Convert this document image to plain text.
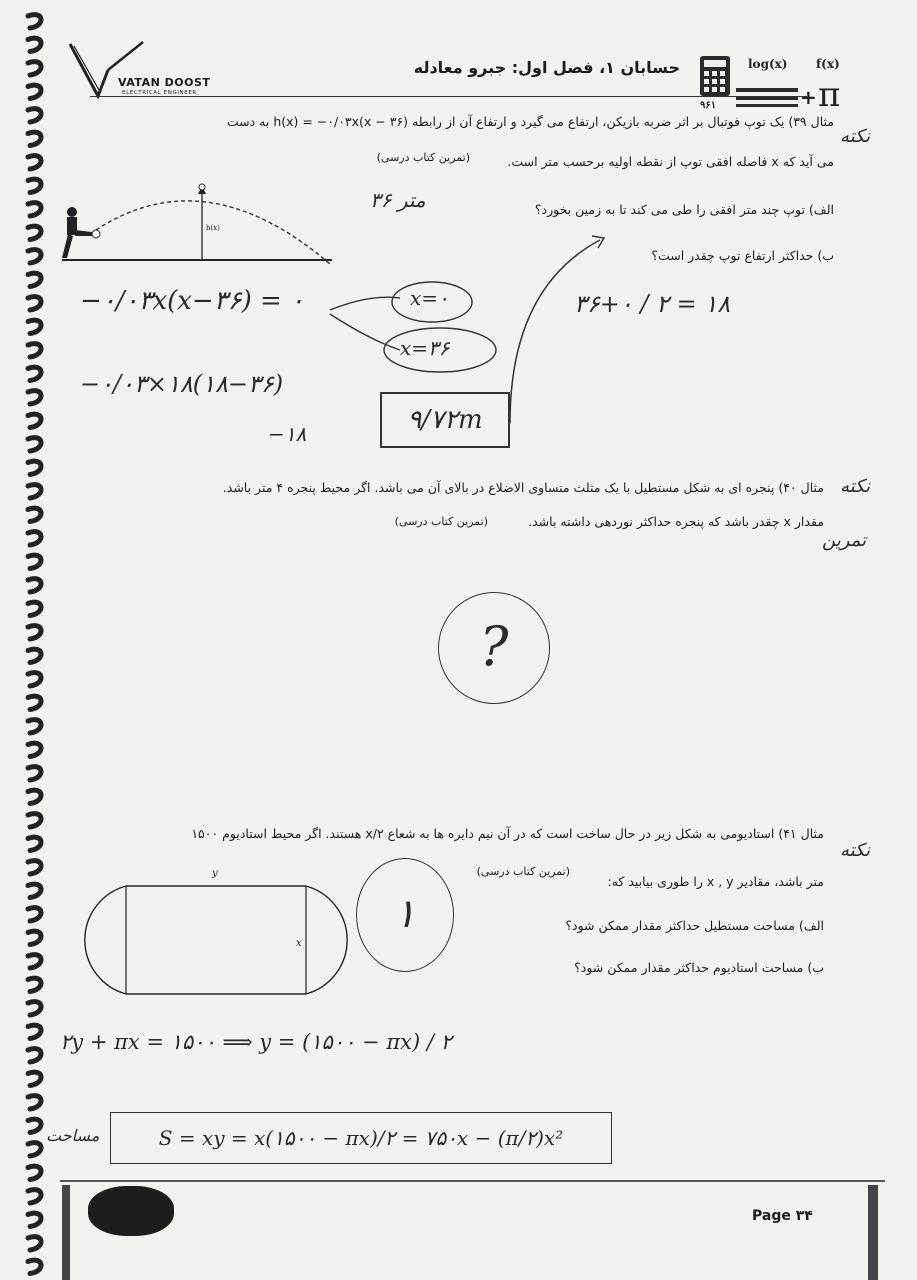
VATAN DOOST
ELECTRICAL ENGINEER
حسابان ۱، فصل اول: جبرو معادله	log(x) f(x)
۹۶۱	+ π
مثال ۳۹) یک توپ فوتبال بر اثر ضربه بازیکن، ارتفاع می گیرد و ارتفاع آن از رابطه h(x) = −۰/۰۳x(x − ۳۶) به دست
می آید که x فاصله افقی توپ از نقطه اولیه برحسب متر است.
(تمرین کتاب درسی)
نکته
h(x)
الف) توپ چند متر افقی را طی می کند تا به زمین بخورد؟
۳۶ متر
ب) حداکثر ارتفاع توپ چقدر است؟
−۰/۰۳x(x−۳۶) = ۰	x=۰
x=۳۶
۳۶+۰ / ۲ = ۱۸
−۰/۰۳×۱۸(۱۸−۳۶)
−۱۸	۹/۷۲m
مثال ۴۰) پنجره ای به شکل مستطیل با یک مثلث متساوی الاضلاع در بالای آن می باشد. اگر محیط پنجره ۴ متر باشد.
مقدار x چقدر باشد که پنجره حداکثر نوردهی داشته باشد.
(تمرین کتاب درسی)
نکته
تمرین
?
مثال ۴۱) استادیومی به شکل زیر در حال ساخت است که در آن نیم دایره ها به شعاع x/۲ هستند. اگر محیط استادیوم ۱۵۰۰
متر باشد، مقادیر x , y را طوری بیابید که:
(تمرین کتاب درسی)
نکته
الف) مساحت مستطیل حداکثر مقدار ممکن شود؟
ب) مساحت استادیوم حداکثر مقدار ممکن شود؟
y
x
۱
۲y + πx = ۱۵۰۰ ⟹ y = (۱۵۰۰ − πx) / ۲
مساحت	S = xy = x(۱۵۰۰ − πx)/۲ = ۷۵۰x − (π/۲)x²
Page ۳۴
